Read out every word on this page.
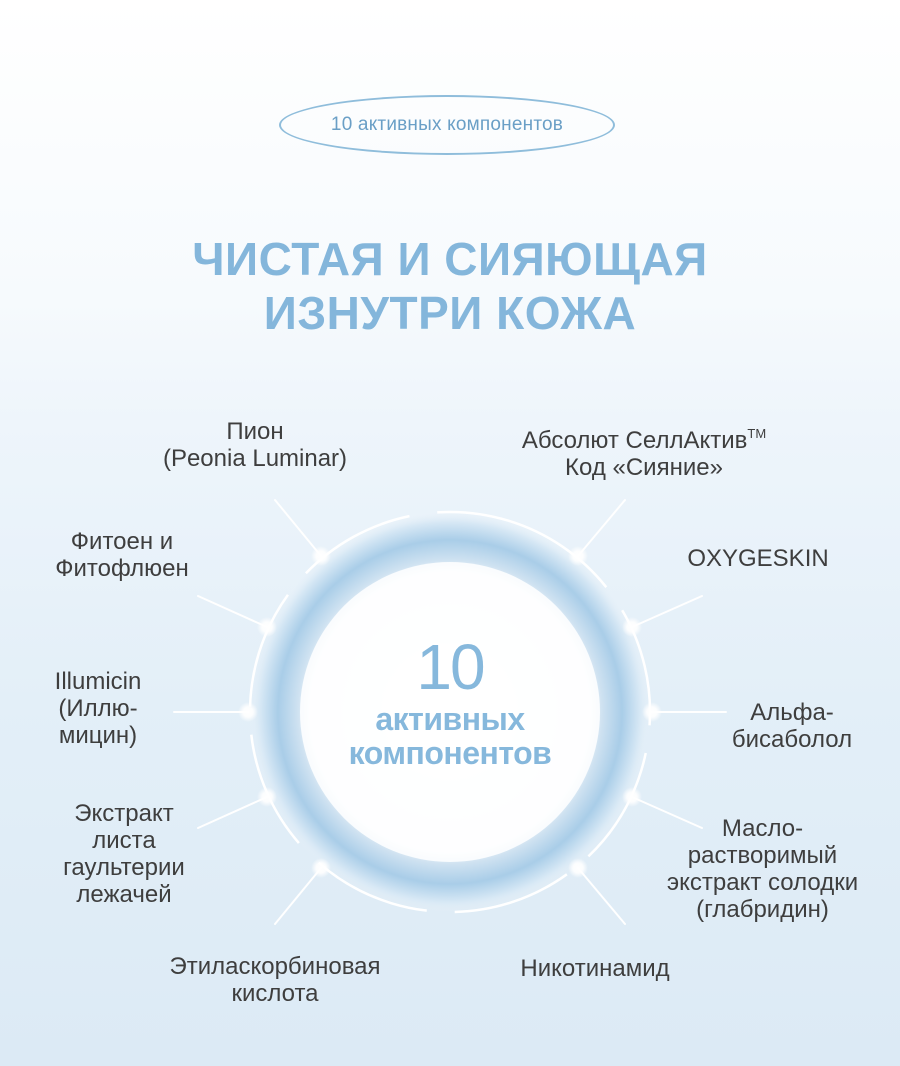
10 активных компонентов
ЧИСТАЯ И СИЯЮЩАЯ
ИЗНУТРИ КОЖА
10
активных
компонентов
Пион
(Peonia Luminar)
Абсолют СеллАктив™
Код «Сияние»
Фитоен и
Фитофлюен	OXYGESKIN
Illumicin
(Иллю-
мицин)
Альфа-
бисаболол
Экстракт
листа
гаультерии
лежачей
Масло-
растворимый
экстракт солодки
(глабридин)
Этиласкорбиновая
кислота
Никотинамид
